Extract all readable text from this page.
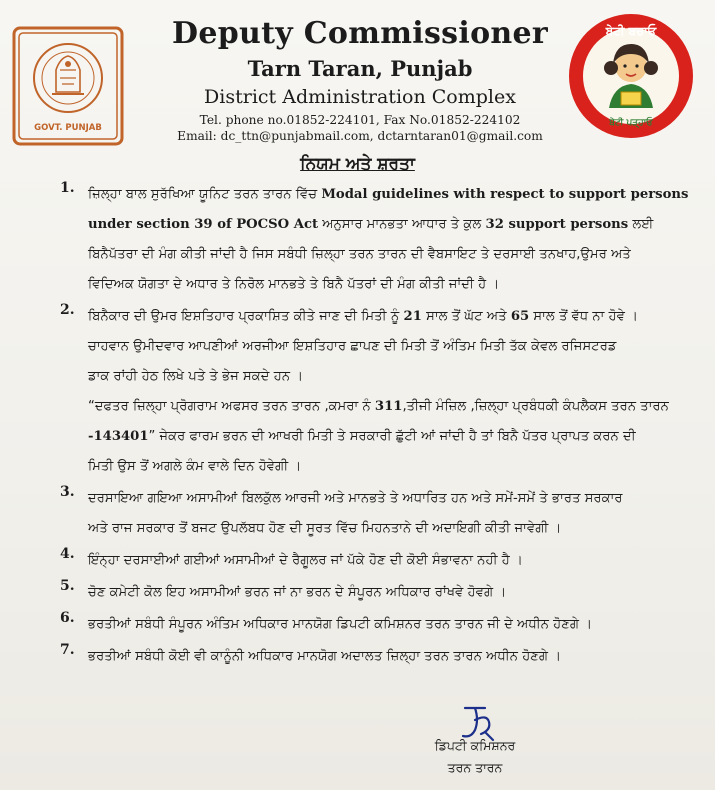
GOVT. PUNJAB
Deputy Commissioner
Tarn Taran, Punjab
District Administration Complex
Tel. phone no.01852-224101, Fax No.01852-224102
Email: dc_ttn@punjabmail.com, dctarntaran01@gmail.com
ਬੇਟੀ ਬਚਾਓ
ਬੇਟੀ ਪੜ੍ਹਾਓ
ਨਿਯਮ ਅਤੇ ਸ਼ਰਤਾ
1.	ਜ਼ਿਲ੍ਹਾ ਬਾਲ ਸੁਰੱਖਿਆ ਯੂਨਿਟ ਤਰਨ ਤਾਰਨ ਵਿੱਚ Modal guidelines with respect to support persons
under section 39 of POCSO Act ਅਨੁਸਾਰ ਮਾਨਭਤਾ ਆਧਾਰ ਤੇ ਕੁਲ 32 support persons ਲਈ
ਬਿਨੈਪੱਤਰਾ ਦੀ ਮੰਗ ਕੀਤੀ ਜਾਂਦੀ ਹੈ ਜਿਸ ਸਬੰਧੀ ਜ਼ਿਲ੍ਹਾ ਤਰਨ ਤਾਰਨ ਦੀ ਵੈਬਸਾਇਟ ਤੇ ਦਰਸਾਈ ਤਨਖਾਹ,ਉਮਰ ਅਤੇ
ਵਿਦਿਅਕ ਯੋਗਤਾ ਦੇ ਅਧਾਰ ਤੇ ਨਿਰੋਲ ਮਾਨਭਤੇ ਤੇ ਬਿਨੈ ਪੱਤਰਾਂ ਦੀ ਮੰਗ ਕੀਤੀ ਜਾਂਦੀ ਹੈ ।
2.	ਬਿਨੈਕਾਰ ਦੀ ਉਮਰ ਇਸ਼ਤਿਹਾਰ ਪ੍ਰਕਾਸ਼ਿਤ ਕੀਤੇ ਜਾਣ ਦੀ ਮਿਤੀ ਨੂੰ 21 ਸਾਲ ਤੋਂ ਘੱਟ ਅਤੇ 65 ਸਾਲ ਤੋਂ ਵੱਧ ਨਾ ਹੋਵੇ ।
ਚਾਹਵਾਨ ਉਮੀਦਵਾਰ ਆਪਣੀਆਂ ਅਰਜੀਆ ਇਸ਼ਤਿਹਾਰ ਛਾਪਣ ਦੀ ਮਿਤੀ ਤੋਂ ਅੰਤਿਮ ਮਿਤੀ ਤੱਕ ਕੇਵਲ ਰਜਿਸਟਰਡ
ਡਾਕ ਰਾਂਹੀ ਹੇਠ ਲਿਖੇ ਪਤੇ ਤੇ ਭੇਜ ਸਕਦੇ ਹਨ ।
“ਦਫਤਰ ਜ਼ਿਲ੍ਹਾ ਪ੍ਰੋਗਰਾਮ ਅਫਸਰ ਤਰਨ ਤਾਰਨ ,ਕਮਰਾ ਨੰ 311,ਤੀਜੀ ਮੰਜ਼ਿਲ ,ਜ਼ਿਲ੍ਹਾ ਪ੍ਰਬੰਧਕੀ ਕੰਪਲੈਕਸ ਤਰਨ ਤਾਰਨ
-143401” ਜੇਕਰ ਫਾਰਮ ਭਰਨ ਦੀ ਆਖਰੀ ਮਿਤੀ ਤੇ ਸਰਕਾਰੀ ਛੁੱਟੀ ਆਂ ਜਾਂਦੀ ਹੈ ਤਾਂ ਬਿਨੈ ਪੱਤਰ ਪ੍ਰਾਪਤ ਕਰਨ ਦੀ
ਮਿਤੀ ਉਸ ਤੋਂ ਅਗਲੇ ਕੰਮ ਵਾਲੇ ਦਿਨ ਹੋਵੇਗੀ ।
3.	ਦਰਸਾਇਆ ਗਇਆ ਅਸਾਮੀਆਂ ਬਿਲਕੁੱਲ ਆਰਜੀ ਅਤੇ ਮਾਨਭਤੇ ਤੇ ਅਧਾਰਿਤ ਹਨ ਅਤੇ ਸਮੇਂ-ਸਮੇਂ ਤੇ ਭਾਰਤ ਸਰਕਾਰ
ਅਤੇ ਰਾਜ ਸਰਕਾਰ ਤੋਂ ਬਜਟ ਉਪਲੱਬਧ ਹੋਣ ਦੀ ਸੂਰਤ ਵਿੱਚ ਮਿਹਨਤਾਨੇ ਦੀ ਅਦਾਇਗੀ ਕੀਤੀ ਜਾਵੇਗੀ ।
4.	ਇੰਨ੍ਹਾ ਦਰਸਾਈਆਂ ਗਈਆਂ ਅਸਾਮੀਆਂ ਦੇ ਰੈਗੂਲਰ ਜਾਂ ਪੱਕੇ ਹੋਣ ਦੀ ਕੋਈ ਸੰਭਾਵਨਾ ਨਹੀ ਹੈ ।
5.	ਚੋਣ ਕਮੇਟੀ ਕੋਲ ਇਹ ਅਸਾਮੀਆਂ ਭਰਨ ਜਾਂ ਨਾ ਭਰਨ ਦੇ ਸੰਪੂਰਨ ਅਧਿਕਾਰ ਰਾਂਖਵੇ ਹੋਵਗੇ ।
6.	ਭਰਤੀਆਂ ਸਬੰਧੀ ਸੰਪੂਰਨ ਅੰਤਿਮ ਅਧਿਕਾਰ ਮਾਨਯੋਗ ਡਿਪਟੀ ਕਮਿਸ਼ਨਰ ਤਰਨ ਤਾਰਨ ਜੀ ਦੇ ਅਧੀਨ ਹੋਣਗੇ ।
7.	ਭਰਤੀਆਂ ਸਬੰਧੀ ਕੋਈ ਵੀ ਕਾਨੂੰਨੀ ਅਧਿਕਾਰ ਮਾਨਯੋਗ ਅਦਾਲਤ ਜ਼ਿਲ੍ਹਾ ਤਰਨ ਤਾਰਨ ਅਧੀਨ ਹੋਣਗੇ ।
ਡਿਪਟੀ ਕਮਿਸ਼ਨਰ
ਤਰਨ ਤਾਰਨ
